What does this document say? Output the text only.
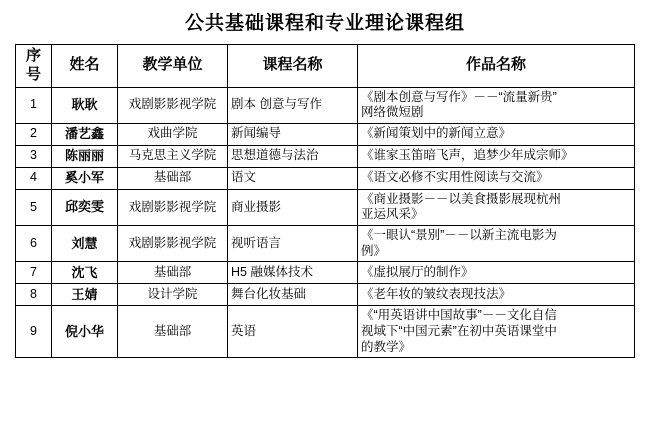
公共基础课程和专业理论课程组
序号	姓名	教学单位	课程名称	作品名称
1	耿耿	戏剧影影视学院	剧本 创意与写作	《剧本创意与写作》－－“流量新贵”
网络微短剧

2	潘艺鑫	戏曲学院	新闻编导	《新闻策划中的新闻立意》

3	陈丽丽	马克思主义学院	思想道德与法治	《谁家玉笛暗飞声，追梦少年成宗师》

4	奚小军	基础部	语文	《语文必修不实用性阅读与交流》

5	邱奕雯	戏剧影影视学院	商业摄影	《商业摄影－－以美食摄影展现杭州
亚运风采》

6	刘慧	戏剧影影视学院	视听语言	《一眼认“景别”－－以新主流电影为
例》

7	沈飞	基础部	H5 融媒体技术	《虚拟展厅的制作》

8	王婧	设计学院	舞台化妆基础	《老年妆的皱纹表现技法》

9	倪小华	基础部	英语	《“用英语讲中国故事”－－文化自信
视域下“中国元素”在初中英语课堂中
的教学》
